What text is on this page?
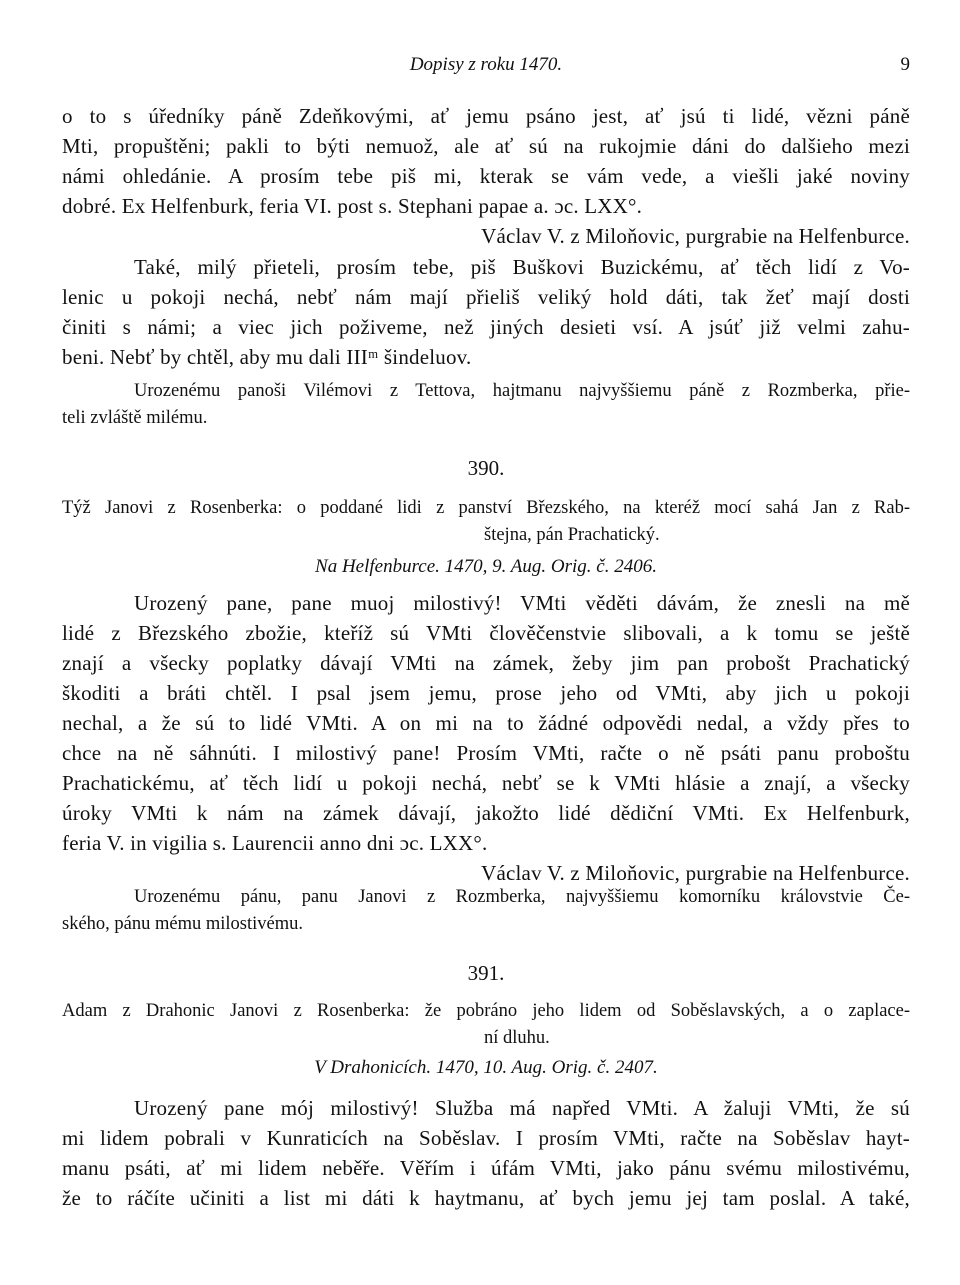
Dopisy z roku 1470.	9
o to s úředníky páně Zdeňkovými, ať jemu psáno jest, ať jsú ti lidé, vězni páně
Mti, propuštěni; pakli to býti nemuož, ale ať sú na rukojmie dáni do dalšieho mezi
námi ohledánie. A prosím tebe piš mi, kterak se vám vede, a viešli jaké noviny
dobré. Ex Helfenburk, feria VI. post s. Stephani papae a. ɔc. LXX°.
Václav V. z Miloňovic, purgrabie na Helfenburce.
Také, milý přieteli, prosím tebe, piš Buškovi Buzickému, ať těch lidí z Vo-
lenic u pokoji nechá, nebť nám mají přieliš veliký hold dáti, tak žeť mají dosti
činiti s námi; a viec jich poživeme, než jiných desieti vsí. A jsúť již velmi zahu-
beni. Nebť by chtěl, aby mu dali IIIᵐ šindeluov.
Urozenému panoši Vilémovi z Tettova, hajtmanu najvyššiemu páně z Rozmberka, přie-
teli zvláště milému.
390.
Týž Janovi z Rosenberka: o poddané lidi z panství Březského, na kteréž mocí sahá Jan z Rab-
štejna, pán Prachatický.
Na Helfenburce. 1470, 9. Aug. Orig. č. 2406.
Urozený pane, pane muoj milostivý! VMti věděti dávám, že znesli na mě
lidé z Březského zbožie, kteříž sú VMti člověčenstvie slibovali, a k tomu se ještě
znají a všecky poplatky dávají VMti na zámek, žeby jim pan probošt Prachatický
škoditi a bráti chtěl. I psal jsem jemu, prose jeho od VMti, aby jich u pokoji
nechal, a že sú to lidé VMti. A on mi na to žádné odpovědi nedal, a vždy přes to
chce na ně sáhnúti. I milostivý pane! Prosím VMti, račte o ně psáti panu proboštu
Prachatickému, ať těch lidí u pokoji nechá, nebť se k VMti hlásie a znají, a všecky
úroky VMti k nám na zámek dávají, jakožto lidé dědiční VMti. Ex Helfenburk,
feria V. in vigilia s. Laurencii anno dni ɔc. LXX°.
Václav V. z Miloňovic, purgrabie na Helfenburce.
Urozenému pánu, panu Janovi z Rozmberka, najvyššiemu komorníku královstvie Če-
ského, pánu mému milostivému.
391.
Adam z Drahonic Janovi z Rosenberka: že pobráno jeho lidem od Soběslavských, a o zaplace-
ní dluhu.
V Drahonicích. 1470, 10. Aug. Orig. č. 2407.
Urozený pane mój milostivý! Služba má napřed VMti. A žaluji VMti, že sú
mi lidem pobrali v Kunraticích na Soběslav. I prosím VMti, račte na Soběslav hayt-
manu psáti, ať mi lidem neběře. Věřím i úfám VMti, jako pánu svému milostivému,
že to ráčíte učiniti a list mi dáti k haytmanu, ať bych jemu jej tam poslal. A také,
